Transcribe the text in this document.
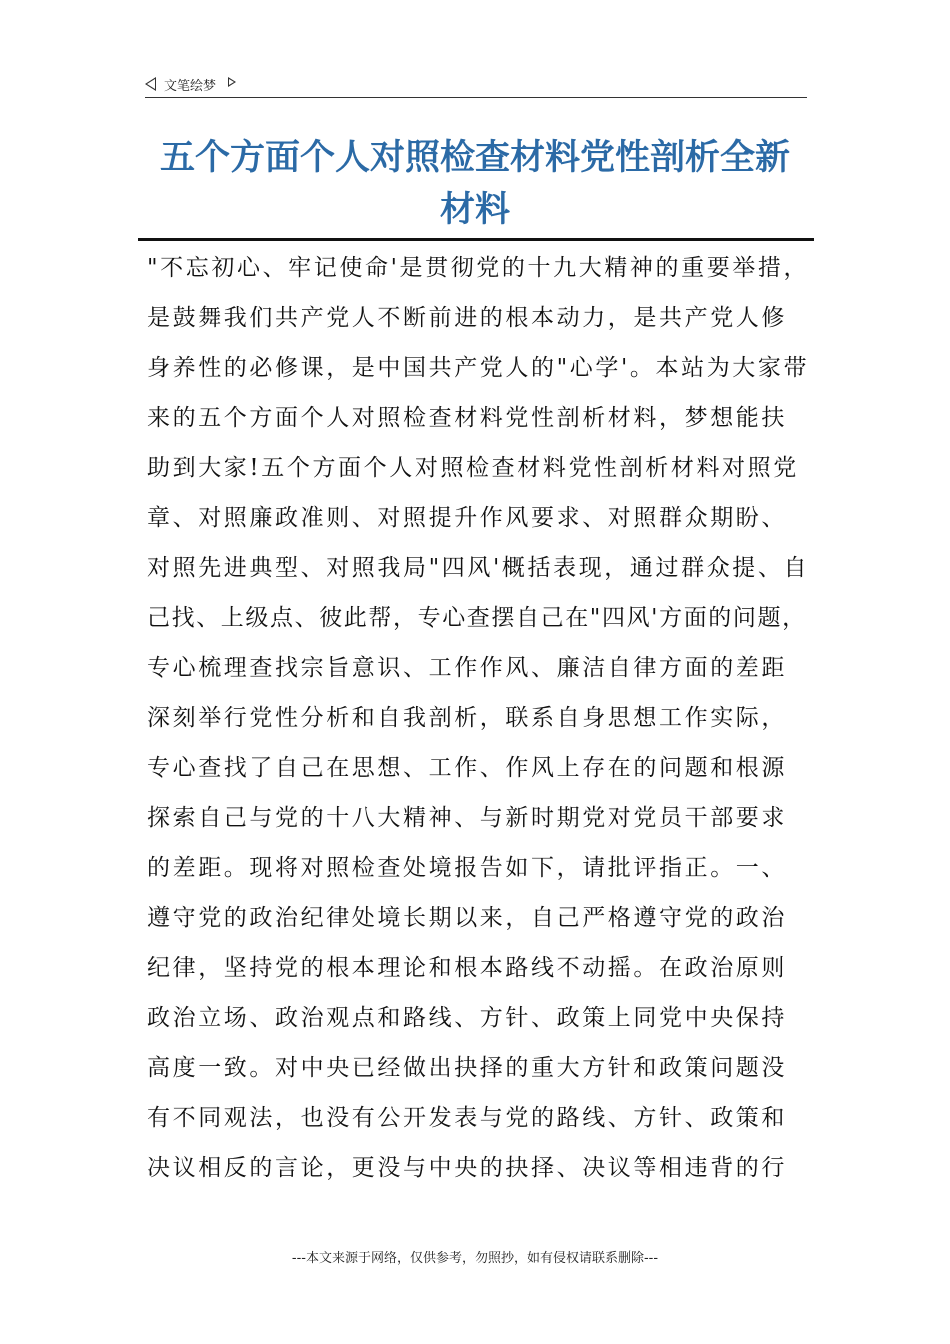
文笔绘梦
五个方面个人对照检查材料党性剖析全新
材料
"不忘初心、牢记使命'是贯彻党的十九大精神的重要举措，
是鼓舞我们共产党人不断前进的根本动力，是共产党人修
身养性的必修课，是中国共产党人的"心学'。本站为大家带
来的五个方面个人对照检查材料党性剖析材料，梦想能扶
助到大家!五个方面个人对照检查材料党性剖析材料对照党
章、对照廉政准则、对照提升作风要求、对照群众期盼、
对照先进典型、对照我局"四风'概括表现，通过群众提、自
己找、上级点、彼此帮，专心查摆自己在"四风'方面的问题，
专心梳理查找宗旨意识、工作作风、廉洁自律方面的差距
深刻举行党性分析和自我剖析，联系自身思想工作实际，
专心查找了自己在思想、工作、作风上存在的问题和根源
探索自己与党的十八大精神、与新时期党对党员干部要求
的差距。现将对照检查处境报告如下，请批评指正。一、
遵守党的政治纪律处境长期以来，自己严格遵守党的政治
纪律，坚持党的根本理论和根本路线不动摇。在政治原则
政治立场、政治观点和路线、方针、政策上同党中央保持
高度一致。对中央已经做出抉择的重大方针和政策问题没
有不同观法，也没有公开发表与党的路线、方针、政策和
决议相反的言论，更没与中央的抉择、决议等相违背的行
---本文来源于网络，仅供参考，勿照抄，如有侵权请联系删除---
